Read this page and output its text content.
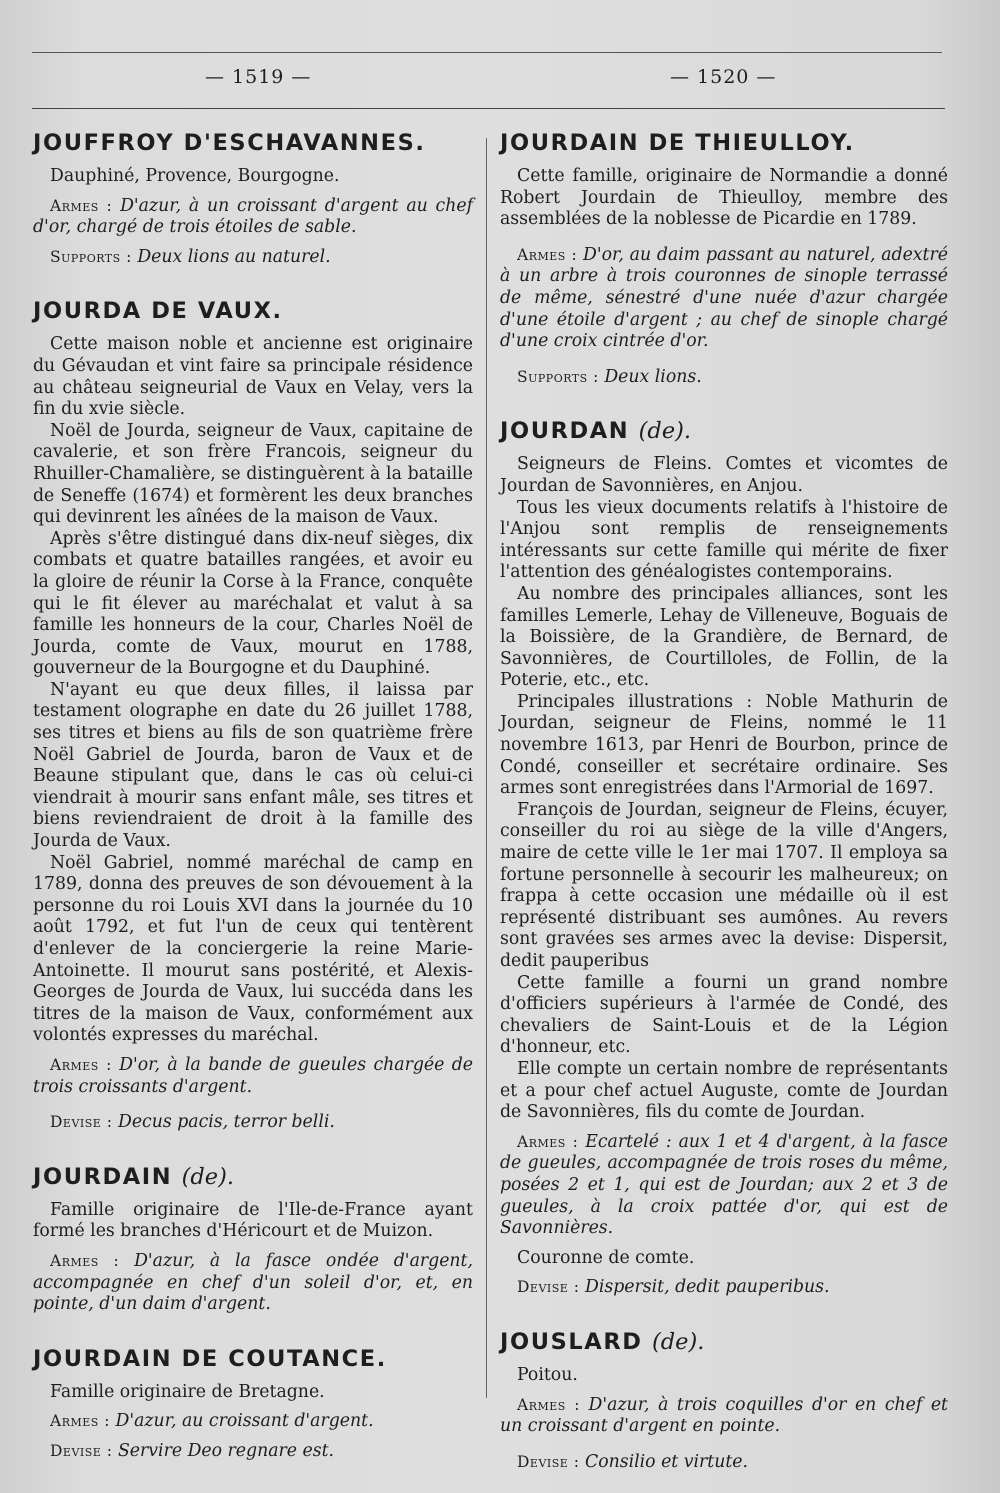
— 1519 —	— 1520 —
JOUFFROY D'ESCHAVANNES.

Dauphiné, Provence, Bourgogne.

Armes : D'azur, à un croissant d'argent au chef d'or, chargé de trois étoiles de sable.

Supports : Deux lions au naturel.

JOURDA DE VAUX.

Cette maison noble et ancienne est originaire du Gévaudan et vint faire sa principale résidence au château seigneurial de Vaux en Velay, vers la fin du xvie siècle.

Noël de Jourda, seigneur de Vaux, capitaine de cavalerie, et son frère Francois, seigneur du Rhuiller-Chamalière, se distinguèrent à la bataille de Seneffe (1674) et formèrent les deux branches qui devinrent les aînées de la maison de Vaux.

Après s'être distingué dans dix-neuf sièges, dix combats et quatre batailles rangées, et avoir eu la gloire de réunir la Corse à la France, conquête qui le fit élever au maréchalat et valut à sa famille les honneurs de la cour, Charles Noël de Jourda, comte de Vaux, mourut en 1788, gouverneur de la Bourgogne et du Dauphiné.

N'ayant eu que deux filles, il laissa par testament olographe en date du 26 juillet 1788, ses titres et biens au fils de son quatrième frère Noël Gabriel de Jourda, baron de Vaux et de Beaune stipulant que, dans le cas où celui-ci viendrait à mourir sans enfant mâle, ses titres et biens reviendraient de droit à la famille des Jourda de Vaux.

Noël Gabriel, nommé maréchal de camp en 1789, donna des preuves de son dévouement à la personne du roi Louis XVI dans la journée du 10 août 1792, et fut l'un de ceux qui tentèrent d'enlever de la conciergerie la reine Marie-Antoinette. Il mourut sans postérité, et Alexis-Georges de Jourda de Vaux, lui succéda dans les titres de la maison de Vaux, conformément aux volontés expresses du maréchal.

Armes : D'or, à la bande de gueules chargée de trois croissants d'argent.

Devise : Decus pacis, terror belli.

JOURDAIN (de).

Famille originaire de l'Ile-de-France ayant formé les branches d'Héricourt et de Muizon.

Armes : D'azur, à la fasce ondée d'argent, accompagnée en chef d'un soleil d'or, et, en pointe, d'un daim d'argent.

JOURDAIN DE COUTANCE.

Famille originaire de Bretagne.

Armes : D'azur, au croissant d'argent.

Devise : Servire Deo regnare est.

JOURDAIN DE THIEULLOY.

Cette famille, originaire de Normandie a donné Robert Jourdain de Thieulloy, membre des assemblées de la noblesse de Picardie en 1789.

Armes : D'or, au daim passant au naturel, adextré à un arbre à trois couronnes de sinople terrassé de même, sénestré d'une nuée d'azur chargée d'une étoile d'argent ; au chef de sinople chargé d'une croix cintrée d'or.

Supports : Deux lions.

JOURDAN (de).

Seigneurs de Fleins. Comtes et vicomtes de Jourdan de Savonnières, en Anjou.

Tous les vieux documents relatifs à l'histoire de l'Anjou sont remplis de renseignements intéressants sur cette famille qui mérite de fixer l'attention des généalogistes contemporains.

Au nombre des principales alliances, sont les familles Lemerle, Lehay de Villeneuve, Boguais de la Boissière, de la Grandière, de Bernard, de Savonnières, de Courtilloles, de Follin, de la Poterie, etc., etc.

Principales illustrations : Noble Mathurin de Jourdan, seigneur de Fleins, nommé le 11 novembre 1613, par Henri de Bourbon, prince de Condé, conseiller et secrétaire ordinaire. Ses armes sont enregistrées dans l'Armorial de 1697.

François de Jourdan, seigneur de Fleins, écuyer, conseiller du roi au siège de la ville d'Angers, maire de cette ville le 1er mai 1707. Il employa sa fortune personnelle à secourir les malheureux; on frappa à cette occasion une médaille où il est représenté distribuant ses aumônes. Au revers sont gravées ses armes avec la devise: Dispersit, dedit pauperibus

Cette famille a fourni un grand nombre d'officiers supérieurs à l'armée de Condé, des chevaliers de Saint-Louis et de la Légion d'honneur, etc.

Elle compte un certain nombre de représentants et a pour chef actuel Auguste, comte de Jourdan de Savonnières, fils du comte de Jourdan.

Armes : Ecartelé : aux 1 et 4 d'argent, à la fasce de gueules, accompagnée de trois roses du même, posées 2 et 1, qui est de Jourdan; aux 2 et 3 de gueules, à la croix pattée d'or, qui est de Savonnières.

Couronne de comte.

Devise : Dispersit, dedit pauperibus.

JOUSLARD (de).

Poitou.

Armes : D'azur, à trois coquilles d'or en chef et un croissant d'argent en pointe.

Devise : Consilio et virtute.
